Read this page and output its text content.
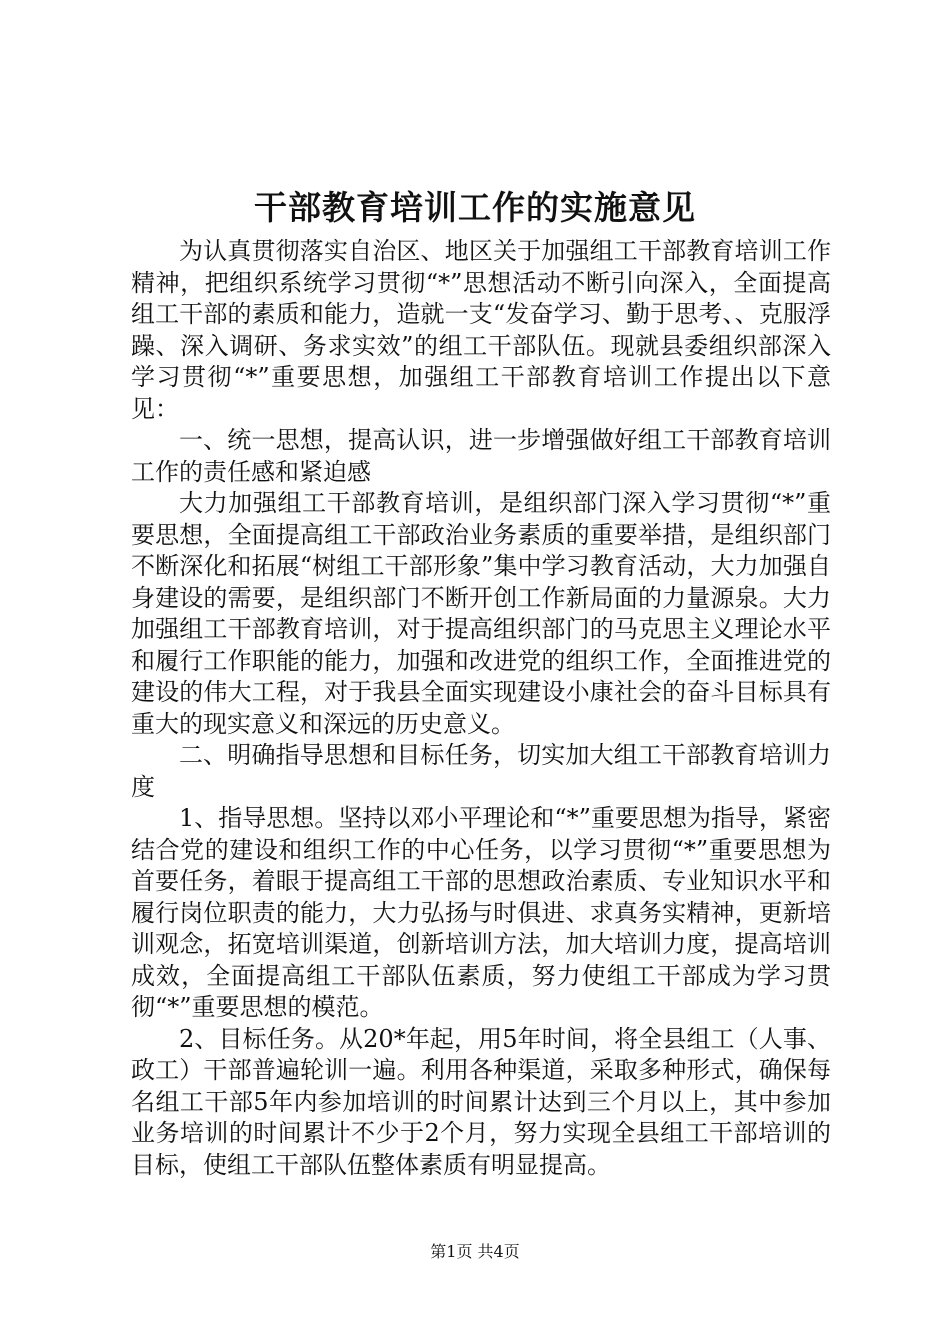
干部教育培训工作的实施意见

为认真贯彻落实自治区、地区关于加强组工干部教育培训工作精神，把组织系统学习贯彻“*”思想活动不断引向深入，全面提高组工干部的素质和能力，造就一支“发奋学习、勤于思考、、克服浮躁、深入调研、务求实效”的组工干部队伍。现就县委组织部深入学习贯彻“*”重要思想，加强组工干部教育培训工作提出以下意见：

一、统一思想，提高认识，进一步增强做好组工干部教育培训工作的责任感和紧迫感

大力加强组工干部教育培训，是组织部门深入学习贯彻“*”重要思想，全面提高组工干部政治业务素质的重要举措，是组织部门不断深化和拓展“树组工干部形象”集中学习教育活动，大力加强自身建设的需要，是组织部门不断开创工作新局面的力量源泉。大力加强组工干部教育培训，对于提高组织部门的马克思主义理论水平和履行工作职能的能力，加强和改进党的组织工作，全面推进党的建设的伟大工程，对于我县全面实现建设小康社会的奋斗目标具有重大的现实意义和深远的历史意义。

二、明确指导思想和目标任务，切实加大组工干部教育培训力度

1、指导思想。坚持以邓小平理论和“*”重要思想为指导，紧密结合党的建设和组织工作的中心任务，以学习贯彻“*”重要思想为首要任务，着眼于提高组工干部的思想政治素质、专业知识水平和履行岗位职责的能力，大力弘扬与时俱进、求真务实精神，更新培训观念，拓宽培训渠道，创新培训方法，加大培训力度，提高培训成效，全面提高组工干部队伍素质，努力使组工干部成为学习贯彻“*”重要思想的模范。

2、目标任务。从20*年起，用5年时间，将全县组工（人事、政工）干部普遍轮训一遍。利用各种渠道，采取多种形式，确保每名组工干部5年内参加培训的时间累计达到三个月以上，其中参加业务培训的时间累计不少于2个月，努力实现全县组工干部培训的目标，使组工干部队伍整体素质有明显提高。

第1页 共4页
